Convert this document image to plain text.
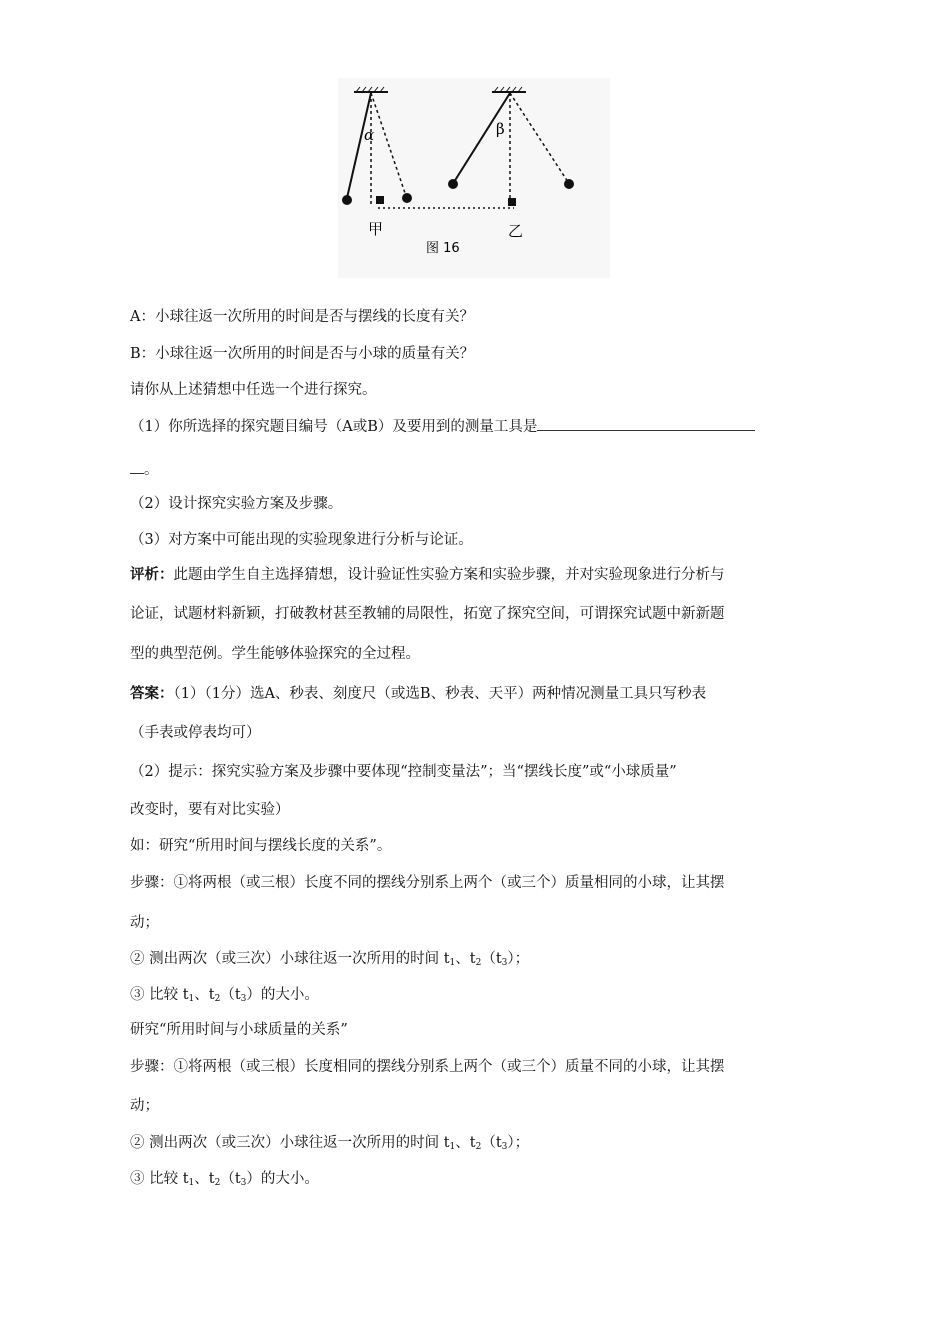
α	β
甲	乙
图 16
A：小球往返一次所用的时间是否与摆线的长度有关？
B：小球往返一次所用的时间是否与小球的质量有关？
请你从上述猜想中任选一个进行探究。
（1）你所选择的探究题目编号（A或B）及要用到的测量工具是
。
（2）设计探究实验方案及步骤。
（3）对方案中可能出现的实验现象进行分析与论证。
评析：此题由学生自主选择猜想，设计验证性实验方案和实验步骤，并对实验现象进行分析与
论证，试题材料新颖，打破教材甚至教辅的局限性，拓宽了探究空间，可谓探究试题中新新题
型的典型范例。学生能够体验探究的全过程。
答案：（1）（1分）选A、秒表、刻度尺（或选B、秒表、天平）两种情况测量工具只写秒表
（手表或停表均可）
（2）提示：探究实验方案及步骤中要体现“控制变量法”；当“摆线长度”或“小球质量”
改变时，要有对比实验）
如：研究“所用时间与摆线长度的关系”。
步骤：①将两根（或三根）长度不同的摆线分别系上两个（或三个）质量相同的小球，让其摆
动；
② 测出两次（或三次）小球往返一次所用的时间 $t_1$、$t_2(t_3)$；
③ 比较 $t_1$、$t_2(t_3)$的大小。
研究“所用时间与小球质量的关系”
步骤：①将两根（或三根）长度相同的摆线分别系上两个（或三个）质量不同的小球，让其摆
动；
② 测出两次（或三次）小球往返一次所用的时间 $t_1$、$t_2(t_3)$；
③ 比较 $t_1$、$t_2(t_3)$的大小。
